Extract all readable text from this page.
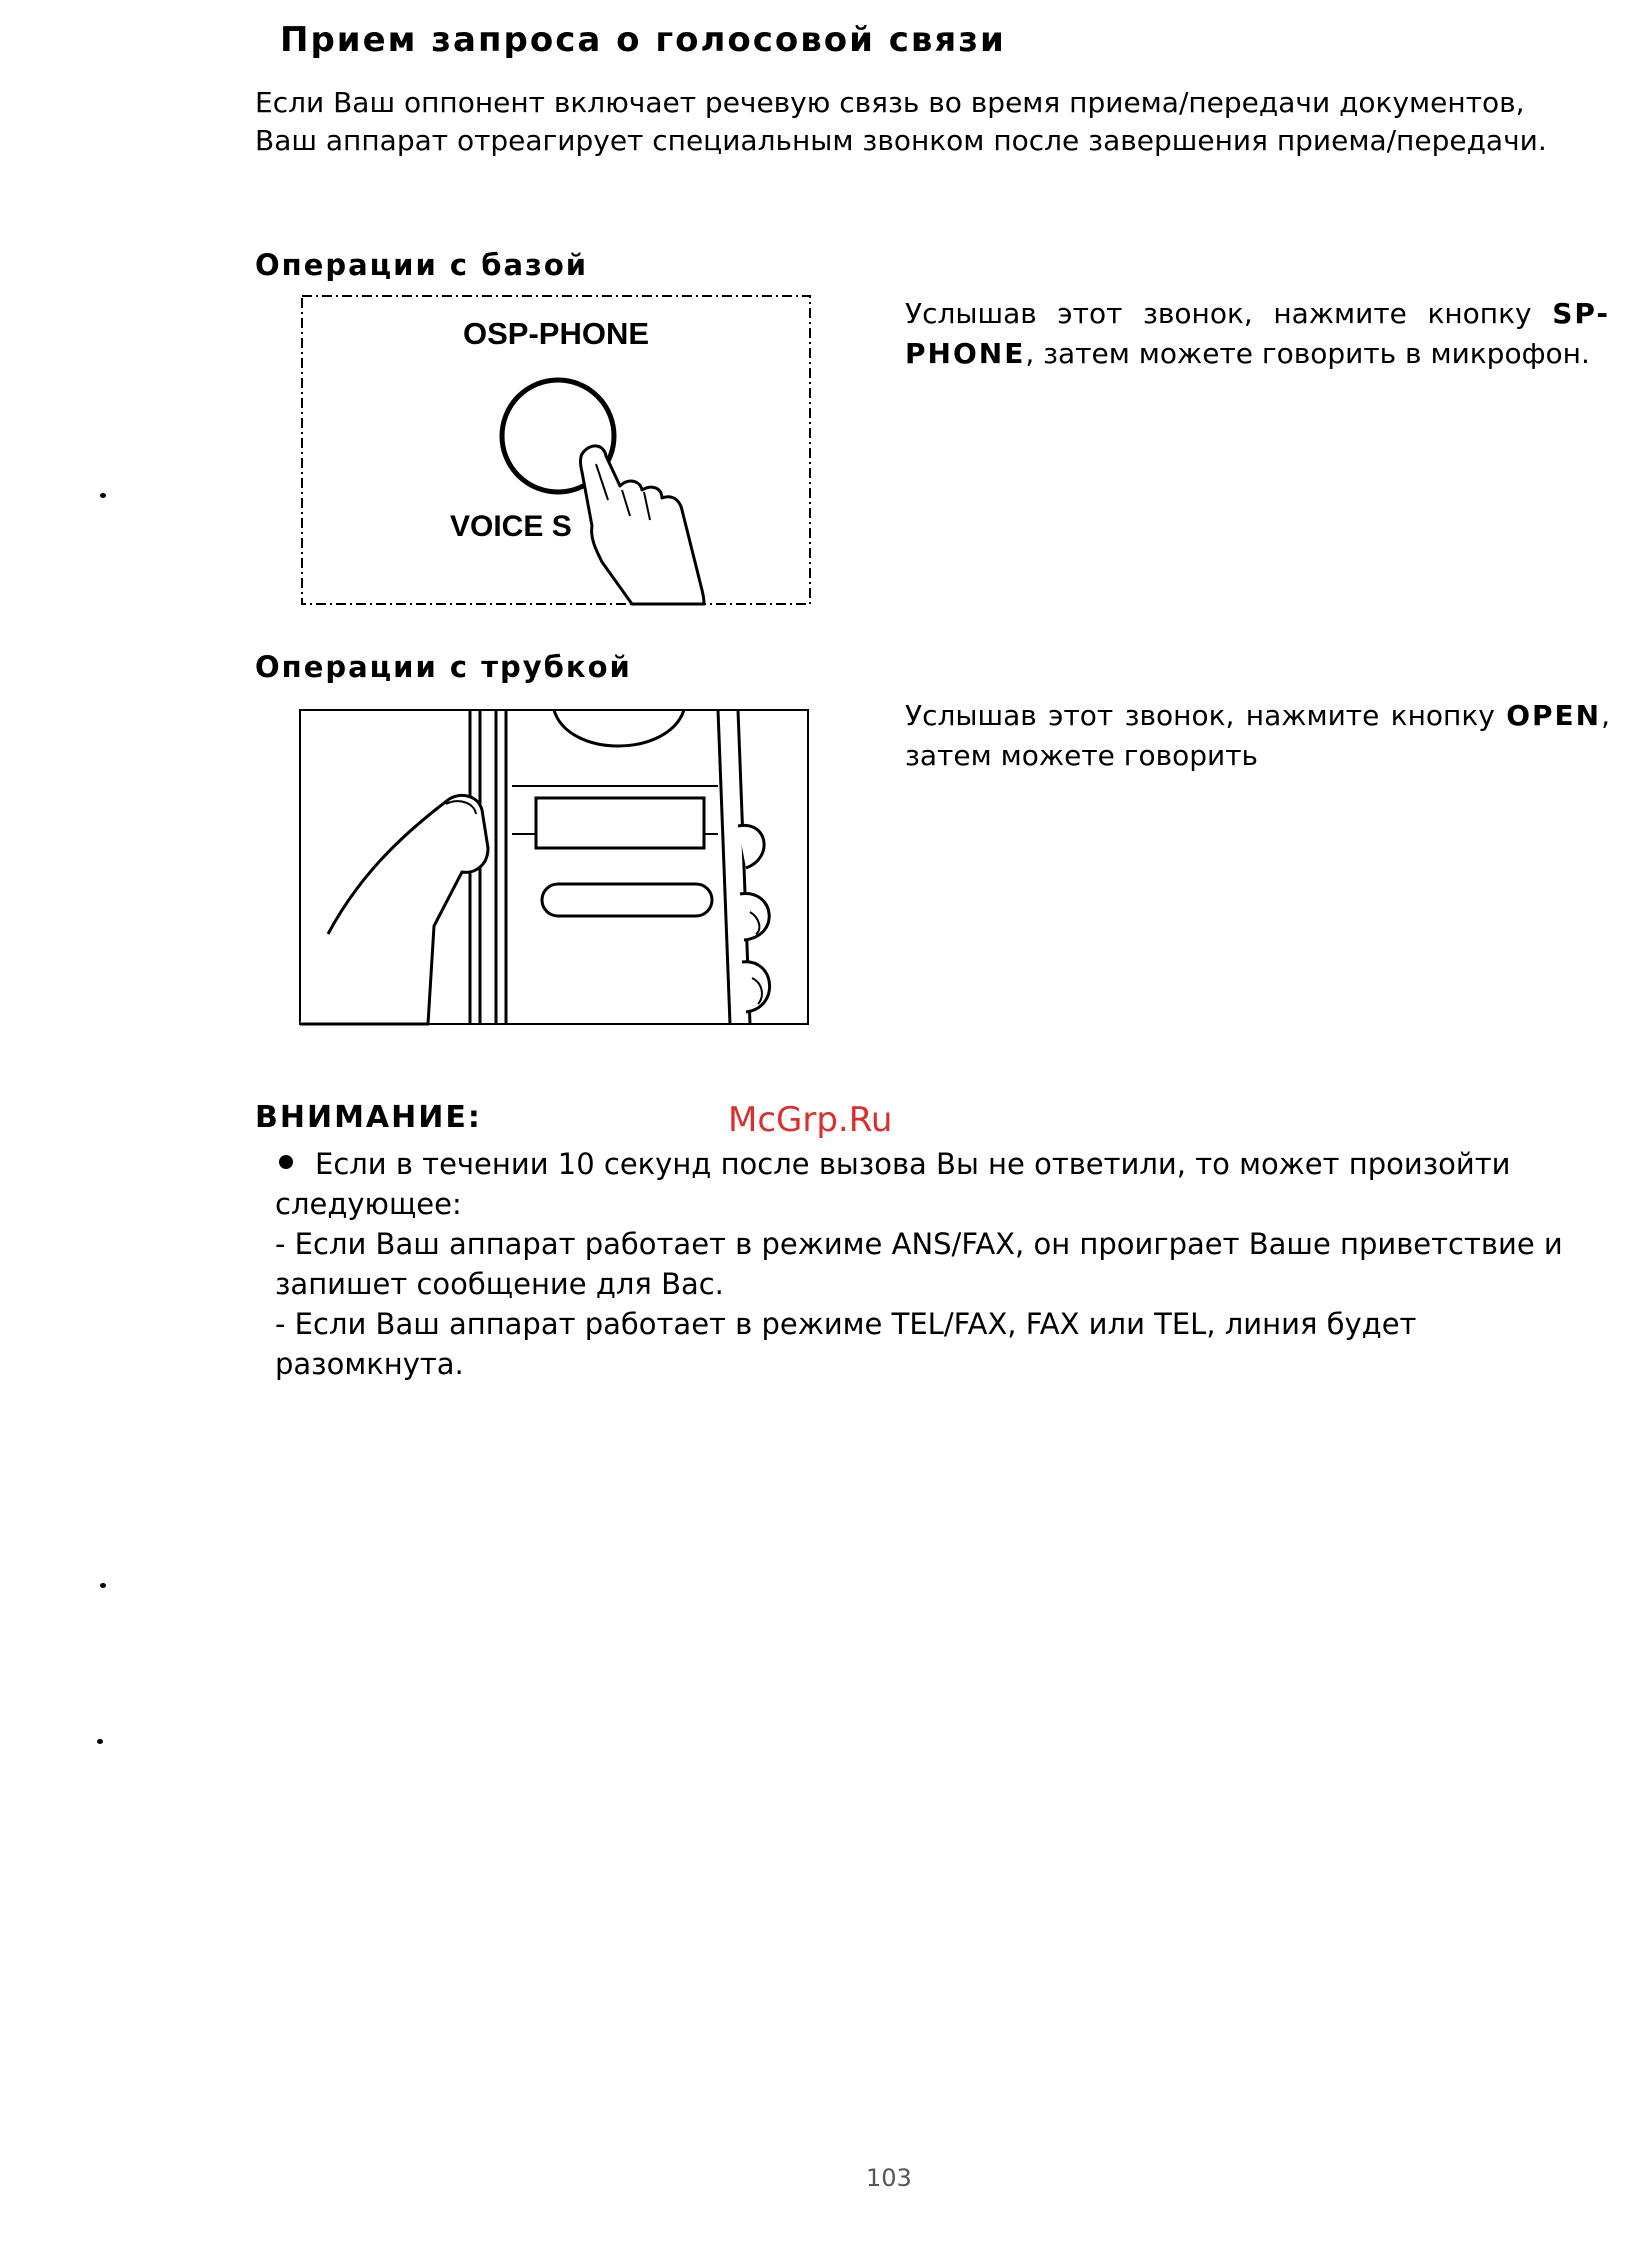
Прием запроса о голосовой связи

Если Ваш оппонент включает речевую связь во время приема/передачи документов, Ваш аппарат отреагирует специальным звонком после завершения приема/передачи.

Операции с базой
OSP-PHONE
VOICE S

Услышав этот звонок, нажмите кнопку SP-PHONE, затем можете говорить в микрофон.

Операции с трубкой

Услышав этот звонок, нажмите кнопку OPEN, затем можете говорить

McGrp.Ru
ВНИМАНИЕ:

Если в течении 10 секунд после вызова Вы не ответили, то может произойти следующее:

- Если Ваш аппарат работает в режиме ANS/FAX, он проиграет Ваше приветствие и запишет сообщение для Вас.

- Если Ваш аппарат работает в режиме TEL/FAX, FAX или TEL, линия будет разомкнута.

103
